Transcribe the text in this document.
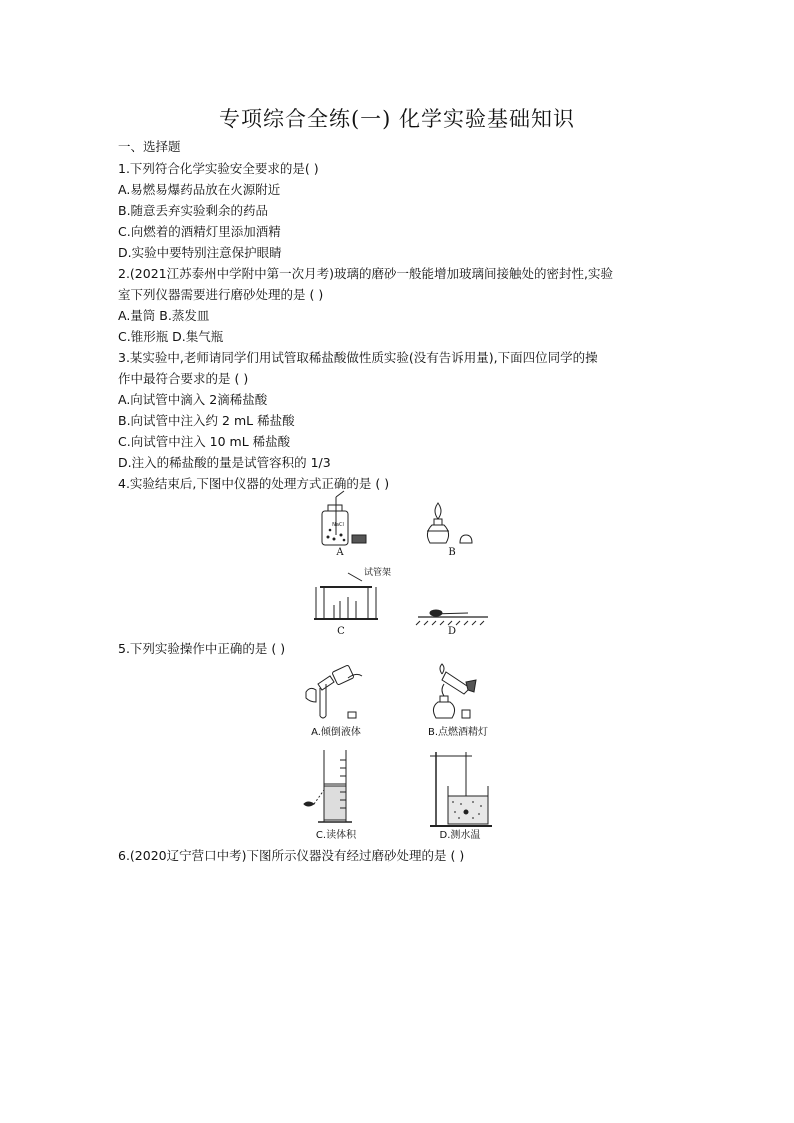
专项综合全练(一) 化学实验基础知识
一、选择题
1.下列符合化学实验安全要求的是( )
A.易燃易爆药品放在火源附近
B.随意丢弃实验剩余的药品
C.向燃着的酒精灯里添加酒精
D.实验中要特别注意保护眼睛
2.(2021江苏泰州中学附中第一次月考)玻璃的磨砂一般能增加玻璃间接触处的密封性,实验
室下列仪器需要进行磨砂处理的是 ( )
A.量筒 B.蒸发皿
C.锥形瓶 D.集气瓶
3.某实验中,老师请同学们用试管取稀盐酸做性质实验(没有告诉用量),下面四位同学的操
作中最符合要求的是 ( )
A.向试管中滴入 2滴稀盐酸
B.向试管中注入约 2 mL 稀盐酸
C.向试管中注入 10 mL 稀盐酸
D.注入的稀盐酸的量是试管容积的 1/3
4.实验结束后,下图中仪器的处理方式正确的是 ( )
NaCl
A	B
试管架
C	D
5.下列实验操作中正确的是 ( )
A.倾倒液体	B.点燃酒精灯
C.读体积	D.测水温
6.(2020辽宁营口中考)下图所示仪器没有经过磨砂处理的是 ( )
